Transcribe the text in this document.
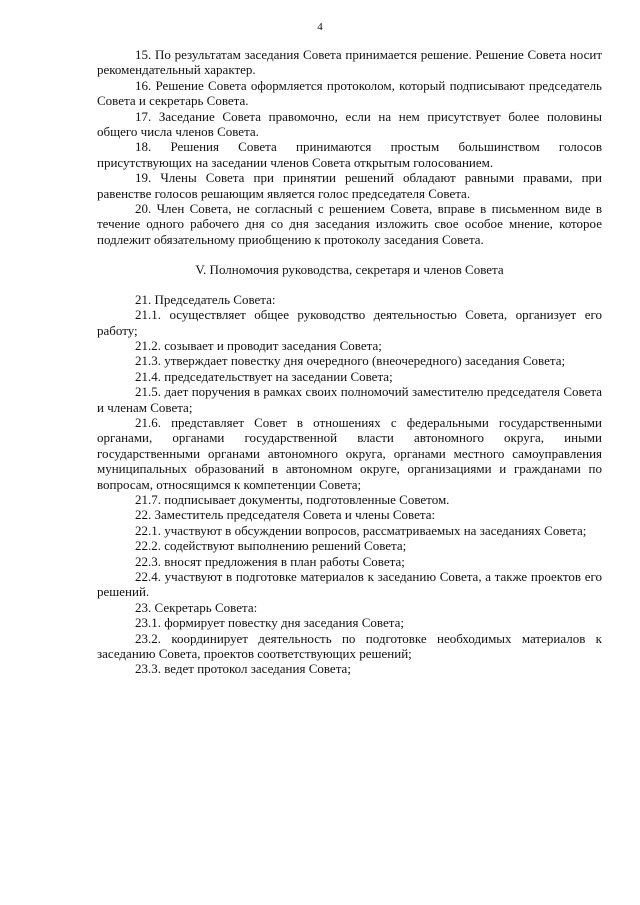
4

15. По результатам заседания Совета принимается решение. Решение Совета носит рекомендательный характер.

16. Решение Совета оформляется протоколом, который подписывают председатель Совета и секретарь Совета.

17. Заседание Совета правомочно, если на нем присутствует более половины общего числа членов Совета.

18. Решения Совета принимаются простым большинством голосов присутствующих на заседании членов Совета открытым голосованием.

19. Члены Совета при принятии решений обладают равными правами, при равенстве голосов решающим является голос председателя Совета.

20. Член Совета, не согласный с решением Совета, вправе в письменном виде в течение одного рабочего дня со дня заседания изложить свое особое мнение, которое подлежит обязательному приобщению к протоколу заседания Совета.

V. Полномочия руководства, секретаря и членов Совета

21. Председатель Совета:

21.1. осуществляет общее руководство деятельностью Совета, организует его работу;

21.2. созывает и проводит заседания Совета;

21.3. утверждает повестку дня очередного (внеочередного) заседания Совета;

21.4. председательствует на заседании Совета;

21.5. дает поручения в рамках своих полномочий заместителю председателя Совета и членам Совета;

21.6. представляет Совет в отношениях с федеральными государственными органами, органами государственной власти автономного округа, иными государственными органами автономного округа, органами местного самоуправления муниципальных образований в автономном округе, организациями и гражданами по вопросам, относящимся к компетенции Совета;

21.7. подписывает документы, подготовленные Советом.

22. Заместитель председателя Совета и члены Совета:

22.1. участвуют в обсуждении вопросов, рассматриваемых на заседаниях Совета;

22.2. содействуют выполнению решений Совета;

22.3. вносят предложения в план работы Совета;

22.4. участвуют в подготовке материалов к заседанию Совета, а также проектов его решений.

23. Секретарь Совета:

23.1. формирует повестку дня заседания Совета;

23.2. координирует деятельность по подготовке необходимых материалов к заседанию Совета, проектов соответствующих решений;

23.3. ведет протокол заседания Совета;
